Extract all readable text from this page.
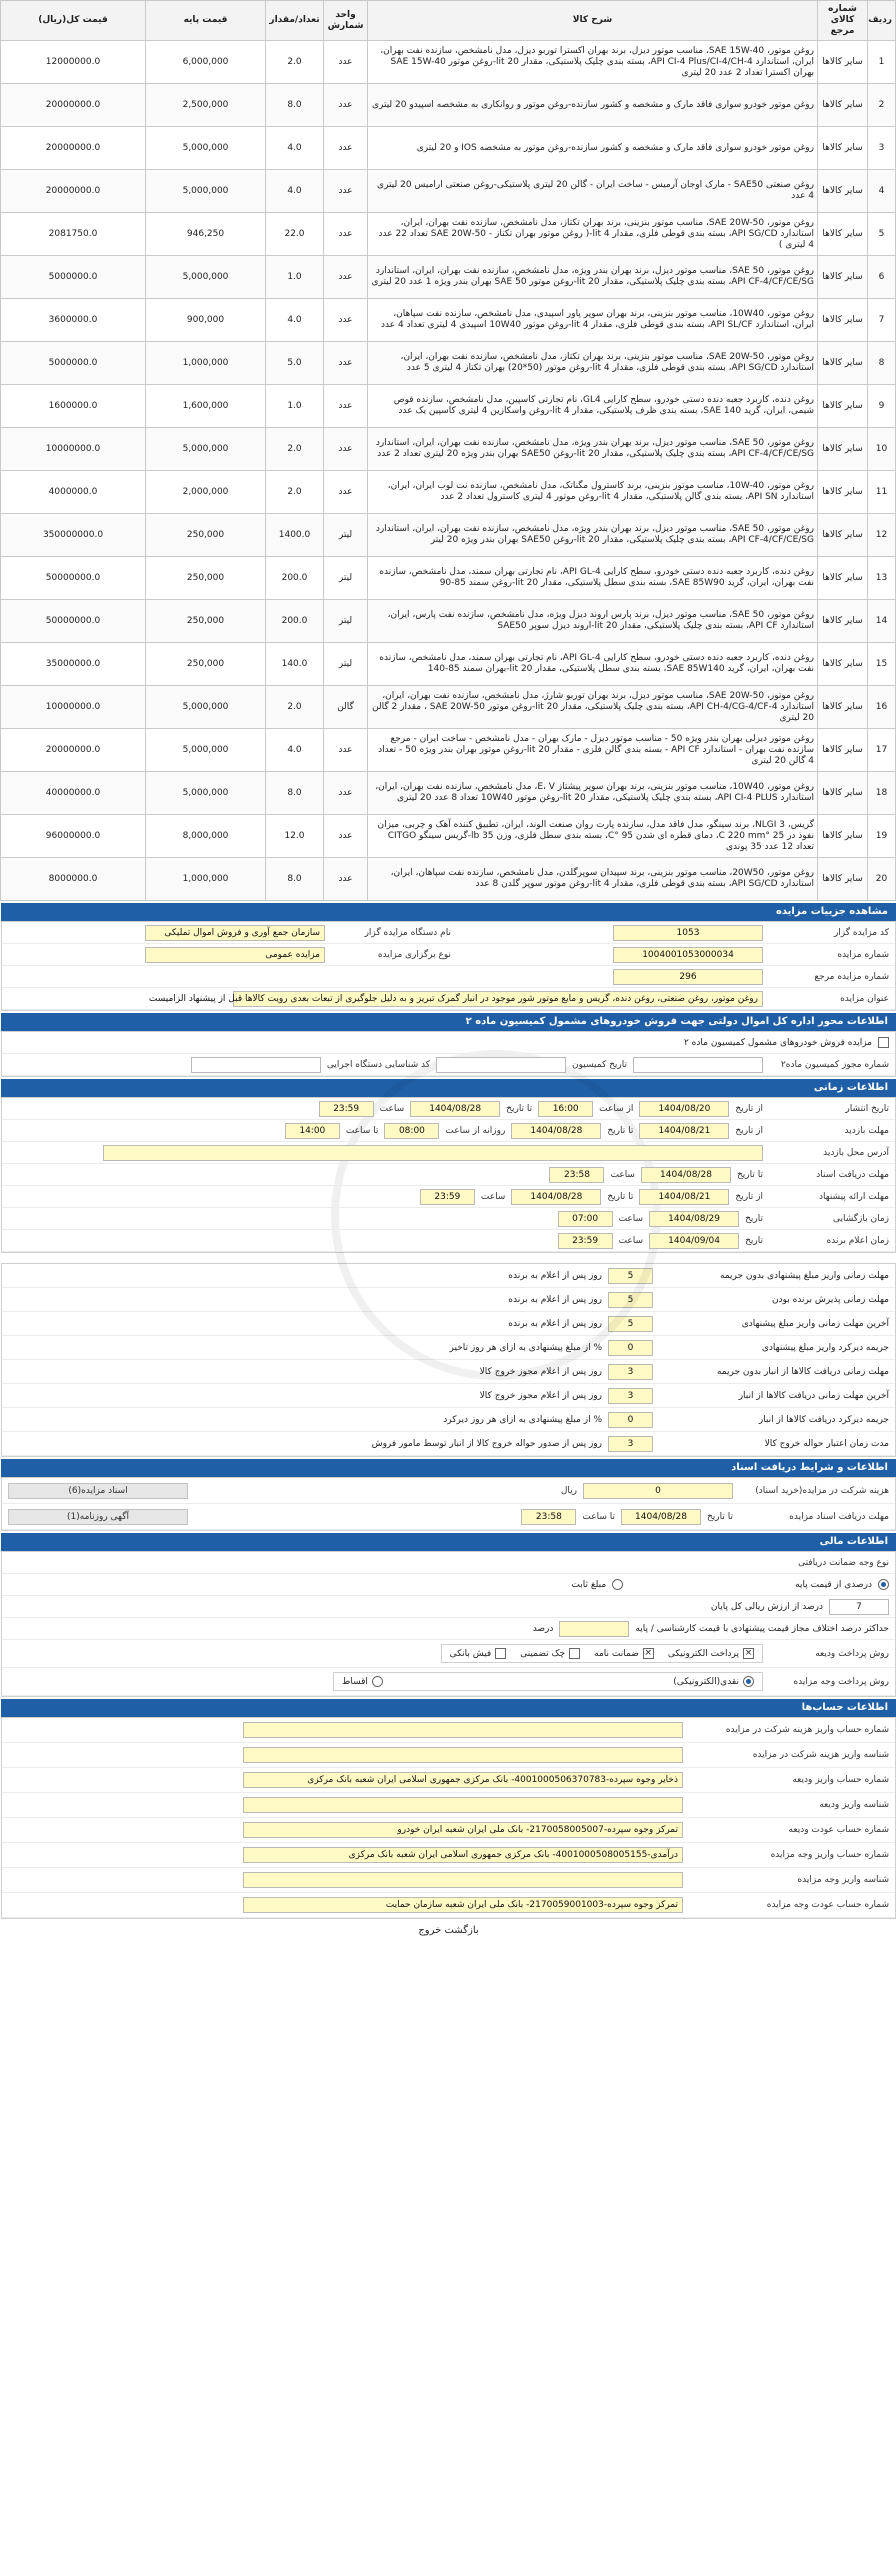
ردیف	شماره کالای مرجع	شرح کالا	واحد شمارش	تعداد/مقدار	قیمت پایه	قیمت کل(ریال)
1	سایر کالاها	روغن موتور، SAE 15W-40، مناسب موتور دیزل، برند بهران اکسترا توربو دیزل، مدل نامشخص، سازنده نفت بهران، ایران، استاندارد API CI-4 Plus/CI-4/CH-4، بسته بندی چلیک پلاستیکی، مقدار 20 lit-روغن موتور SAE 15W-40 بهران اکسترا تعداد 2 عدد 20 لیتری	عدد	2.0	6,000,000	12000000.0
2	سایر کالاها	روغن موتور خودرو سواری فاقد مارک و مشخصه و کشور سازنده-روغن موتور و روانکاری به مشخصه اسپیدو 20 لیتری	عدد	8.0	2,500,000	20000000.0
3	سایر کالاها	روغن موتور خودرو سواری فاقد مارک و مشخصه و کشور سازنده-روغن موتور به مشخصه IOS و 20 لیتری	عدد	4.0	5,000,000	20000000.0
4	سایر کالاها	روغن صنعتی SAE50 - مارک اوجان آرمیس - ساخت ایران - گالن 20 لیتری پلاستیکی-روغن صنعتی ارامیس 20 لیتری 4 عدد	عدد	4.0	5,000,000	20000000.0
5	سایر کالاها	روغن موتور، SAE 20W-50، مناسب موتور بنزینی، برند بهران تکتاز، مدل نامشخص، سازنده نفت بهران، ایران، استاندارد API SG/CD، بسته بندی قوطی فلزی، مقدار 4 lit-( روغن موتور بهران تکتاز - SAE 20W-50 تعداد 22 عدد 4 لیتری )	عدد	22.0	946,250	2081750.0
6	سایر کالاها	روغن موتور، SAE 50، مناسب موتور دیزل، برند بهران بندر ویژه، مدل نامشخص، سازنده نفت بهران، ایران، استاندارد API CF-4/CF/CE/SG، بسته بندی چلیک پلاستیکی، مقدار 20 lit-روغن موتور SAE 50 بهران بندر ویژه 1 عدد 20 لیتری	عدد	1.0	5,000,000	5000000.0
7	سایر کالاها	روغن موتور، 10W40، مناسب موتور بنزینی، برند بهران سوپر پاور اسپیدی، مدل نامشخص، سازنده نفت سپاهان، ایران، استاندارد API SL/CF، بسته بندی قوطی فلزی، مقدار 4 lit-روغن موتور 10W40 اسپیدی 4 لیتری تعداد 4 عدد	عدد	4.0	900,000	3600000.0
8	سایر کالاها	روغن موتور، SAE 20W-50، مناسب موتور بنزینی، برند بهران تکتاز، مدل نامشخص، سازنده نفت بهران، ایران، استاندارد API SG/CD، بسته بندی قوطی فلزی، مقدار 4 lit-روغن موتور (50*20) بهران تکتاز 4 لیتری 5 عدد	عدد	5.0	1,000,000	5000000.0
9	سایر کالاها	روغن دنده، کاربرد جعبه دنده دستی خودرو، سطح کارایی GL4، نام تجارتی کاسپین، مدل نامشخص، سازنده قوص شیمی، ایران، گرید SAE 140، بسته بندی ظرف پلاستیکی، مقدار 4 lit-روغن واسکازین 4 لیتری کاسپین یک عدد	عدد	1.0	1,600,000	1600000.0
10	سایر کالاها	روغن موتور، SAE 50، مناسب موتور دیزل، برند بهران بندر ویژه، مدل نامشخص، سازنده نفت بهران، ایران، استاندارد API CF-4/CF/CE/SG، بسته بندی چلیک پلاستیکی، مقدار 20 lit-روغن SAE50 بهران بندر ویژه 20 لیتری تعداد 2 عدد	عدد	2.0	5,000,000	10000000.0
11	سایر کالاها	روغن موتور، 10W-40، مناسب موتور بنزینی، برند کاسترول مگناتک، مدل نامشخص، سازنده نت لوب ایران، ایران، استاندارد API SN، بسته بندی گالن پلاستیکی، مقدار 4 lit-روغن موتور 4 لیتری کاسترول تعداد 2 عدد	عدد	2.0	2,000,000	4000000.0
12	سایر کالاها	روغن موتور، SAE 50، مناسب موتور دیزل، برند بهران بندر ویژه، مدل نامشخص، سازنده نفت بهران، ایران، استاندارد API CF-4/CF/CE/SG، بسته بندی چلیک پلاستیکی، مقدار 20 lit-روغن SAE50 بهران بندر ویژه 20 لیتر	لیتر	1400.0	250,000	350000000.0
13	سایر کالاها	روغن دنده، کاربرد جعبه دنده دستی خودرو، سطح کارایی API GL-4، نام تجارتی بهران سمند، مدل نامشخص، سازنده نفت بهران، ایران، گرید SAE 85W90، بسته بندی سطل پلاستیکی، مقدار 20 lit-روغن سمند 85-90	لیتر	200.0	250,000	50000000.0
14	سایر کالاها	روغن موتور، SAE 50، مناسب موتور دیزل، برند پارس اروند دیزل ویژه، مدل نامشخص، سازنده نفت پارس، ایران، استاندارد API CF، بسته بندی چلیک پلاستیکی، مقدار 20 lit-اروند دیزل سوپر SAE50	لیتر	200.0	250,000	50000000.0
15	سایر کالاها	روغن دنده، کاربرد جعبه دنده دستی خودرو، سطح کارایی API GL-4، نام تجارتی بهران سمند، مدل نامشخص، سازنده نفت بهران، ایران، گرید SAE 85W140، بسته بندی سطل پلاستیکی، مقدار 20 lit-بهران سمند 85-140	لیتر	140.0	250,000	35000000.0
16	سایر کالاها	روغن موتور، SAE 20W-50، مناسب موتور دیزل، برند بهران توربو شارژ، مدل نامشخص، سازنده نفت بهران، ایران، استاندارد API CH-4/CG-4/CF-4، بسته بندی چلیک پلاستیکی، مقدار 20 lit-روغن موتور SAE 20W-50 ، مقدار 2 گالن 20 لیتری	گالن	2.0	5,000,000	10000000.0
17	سایر کالاها	روغن موتور دیزلی بهران بندر ویژه 50 - مناسب موتور دیزل - مارک بهران - مدل نامشخص - ساخت ایران - مرجع سازنده نفت بهران - استاندارد API CF - بسته بندی گالن فلزی - مقدار 20 lit-روغن موتور بهران بندر ویژه 50 - تعداد 4 گالن 20 لیتری	عدد	4.0	5,000,000	20000000.0
18	سایر کالاها	روغن موتور، 10W40، مناسب موتور بنزینی، برند بهران سوپر پیشتاز E، V، مدل نامشخص، سازنده نفت بهران، ایران، استاندارد API CI-4 PLUS، بسته بندی چلیک پلاستیکی، مقدار 20 lit-روغن موتور 10W40 تعداد 8 عدد 20 لیتری	عدد	8.0	5,000,000	40000000.0
19	سایر کالاها	گریس، NLGI 3، برند سینگو، مدل فاقد مدل، سازنده پارت روان صنعت الوند، ایران، تطبیق کننده آهک و چربی، میزان نفوذ در 25 °C 220 mm، دمای قطره ای شدن 95 °C، بسته بندی سطل فلزی، وزن 35 lb-گریس سینگو CITGO تعداد 12 عدد 35 پوندی	عدد	12.0	8,000,000	96000000.0
20	سایر کالاها	روغن موتور، 20W50، مناسب موتور بنزینی، برند سپیدان سوپرگلدن، مدل نامشخص، سازنده نفت سپاهان، ایران، استاندارد API SG/CD، بسته بندی قوطی فلزی، مقدار 4 lit-روغن موتور سوپر گلدن 8 عدد	عدد	8.0	1,000,000	8000000.0
مشاهده جزییات مزایده
کد مزایده گزار
1053
نام دستگاه مزایده گزار
سازمان جمع آوری و فروش اموال تملیکی
شماره مزایده
1004001053000034
نوع برگزاری مزایده
مزایده عمومی
شماره مزایده مرجع
296
عنوان مزایده
روغن موتور، روغن صنعتی، روغن دنده، گریس و مایع موتور شور موجود در انبار گمرک تبریز و به دلیل جلوگیری از تبعات بعدی رویت کالاها قبل از پیشنهاد الزامیست
اطلاعات محور اداره کل اموال دولتی جهت فروش خودروهای مشمول کمیسیون ماده ۲
مزایده فروش خودروهای مشمول کمیسیون ماده ۲
شماره مجوز کمیسیون ماده۲
تاریخ کمیسیون
کد شناسایی دستگاه اجرایی
اطلاعات زمانی
تاریخ انتشار
از تاریخ
1404/08/20
از ساعت
16:00
تا تاریخ
1404/08/28
ساعت
23:59
مهلت بازدید
از تاریخ
1404/08/21
تا تاریخ
1404/08/28
روزانه از ساعت
08:00
تا ساعت
14:00
آدرس محل بازدید
مهلت دریافت اسناد
تا تاریخ
1404/08/28
ساعت
23:58
مهلت ارائه پیشنهاد
از تاریخ
1404/08/21
تا تاریخ
1404/08/28
ساعت
23:59
زمان بازگشایی
تاریخ
1404/08/29
ساعت
07:00
زمان اعلام برنده
تاریخ
1404/09/04
ساعت
23:59
مهلت زمانی واریز مبلغ پیشنهادی بدون جریمه
5
روز پس از اعلام به برنده
مهلت زمانی پذیرش برنده بودن
5
روز پس از اعلام به برنده
آخرین مهلت زمانی واریز مبلغ پیشنهادی
5
روز پس از اعلام به برنده
جریمه دیرکرد واریز مبلغ پیشنهادی
0
% از مبلغ پیشنهادی به ازای هر روز تاخیر
مهلت زمانی دریافت کالاها از انبار بدون جریمه
3
روز پس از اعلام مجوز خروج کالا
آخرین مهلت زمانی دریافت کالاها از انبار
3
روز پس از اعلام مجوز خروج کالا
جریمه دیرکرد دریافت کالاها از انبار
0
% از مبلغ پیشنهادی به ازای هر روز دیرکرد
مدت زمان اعتبار حواله خروج کالا
3
روز پس از صدور حواله خروج کالا از انبار توسط مامور فروش
اطلاعات و شرایط دریافت اسناد
هزینه شرکت در مزایده(خرید اسناد)
0
ریال
اسناد مزایده(6)
مهلت دریافت اسناد مزایده
تا تاریخ
1404/08/28
تا ساعت
23:58
آگهی روزنامه(1)
اطلاعات مالی
نوع وجه ضمانت دریافتی
درصدی از قیمت پایه
مبلغ ثابت
7
درصد از ارزش ریالی کل پایان
حداکثر درصد اختلاف مجاز قیمت پیشنهادی با قیمت کارشناسی / پایه
درصد
روش پرداخت ودیعه
×
پرداخت الکترونیکی
×
ضمانت نامه
چک تضمینی
فیش بانکی
روش پرداخت وجه مزایده
نقدی(الکترونیکی)
اقساط
اطلاعات حساب‌ها
شماره حساب واریز هزینه شرکت در مزایده
شناسه واریز هزینه شرکت در مزایده
شماره حساب واریز ودیعه
ذخایر وجوه سپرده-4001000506370783- بانک مرکزی جمهوری اسلامی ایران شعبه بانک مرکزی
شناسه واریز ودیعه
شماره حساب عودت ودیعه
تمرکز وجوه سپرده-2170058005007- بانک ملی ایران شعبه ایران خودرو
شماره حساب واریز وجه مزایده
درآمدی-4001000508005155- بانک مرکزی جمهوری اسلامی ایران شعبه بانک مرکزی
شناسه واریز وجه مزایده
شماره حساب عودت وجه مزایده
تمرکز وجوه سپرده-2170059001003- بانک ملی ایران شعبه سازمان حمایت
بازگشت خروج
